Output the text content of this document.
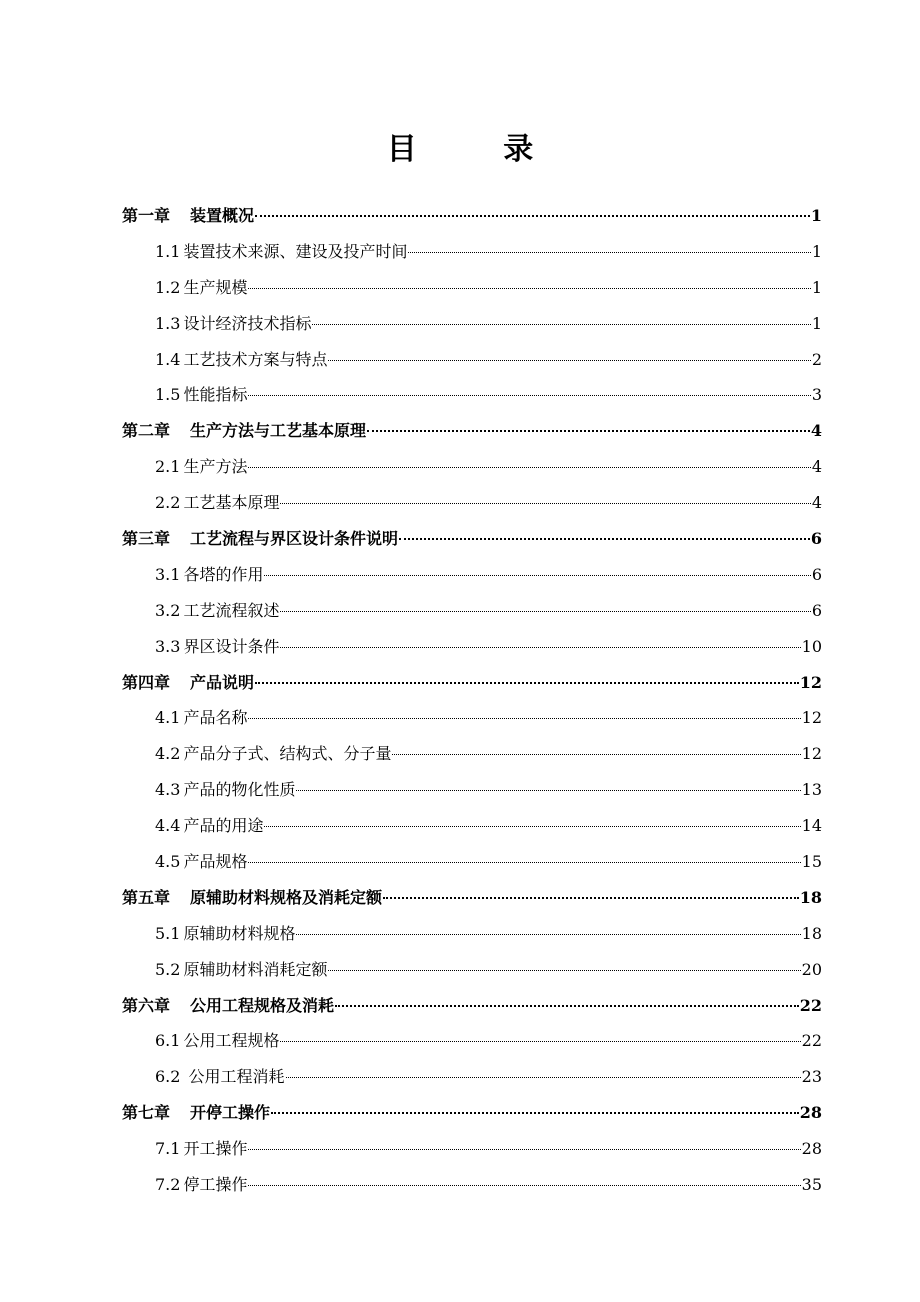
目 录
第一章 装置概况	1
1.1 装置技术来源、建设及投产时间	1
1.2 生产规模	1
1.3 设计经济技术指标	1
1.4 工艺技术方案与特点	2
1.5 性能指标	3
第二章 生产方法与工艺基本原理	4
2.1 生产方法	4
2.2 工艺基本原理	4
第三章 工艺流程与界区设计条件说明	6
3.1 各塔的作用	6
3.2 工艺流程叙述	6
3.3 界区设计条件	10
第四章 产品说明	12
4.1 产品名称	12
4.2 产品分子式、结构式、分子量	12
4.3 产品的物化性质	13
4.4 产品的用途	14
4.5 产品规格	15
第五章 原辅助材料规格及消耗定额	18
5.1 原辅助材料规格	18
5.2 原辅助材料消耗定额	20
第六章 公用工程规格及消耗	22
6.1 公用工程规格	22
6.2 公用工程消耗	23
第七章 开停工操作	28
7.1 开工操作	28
7.2 停工操作	35
